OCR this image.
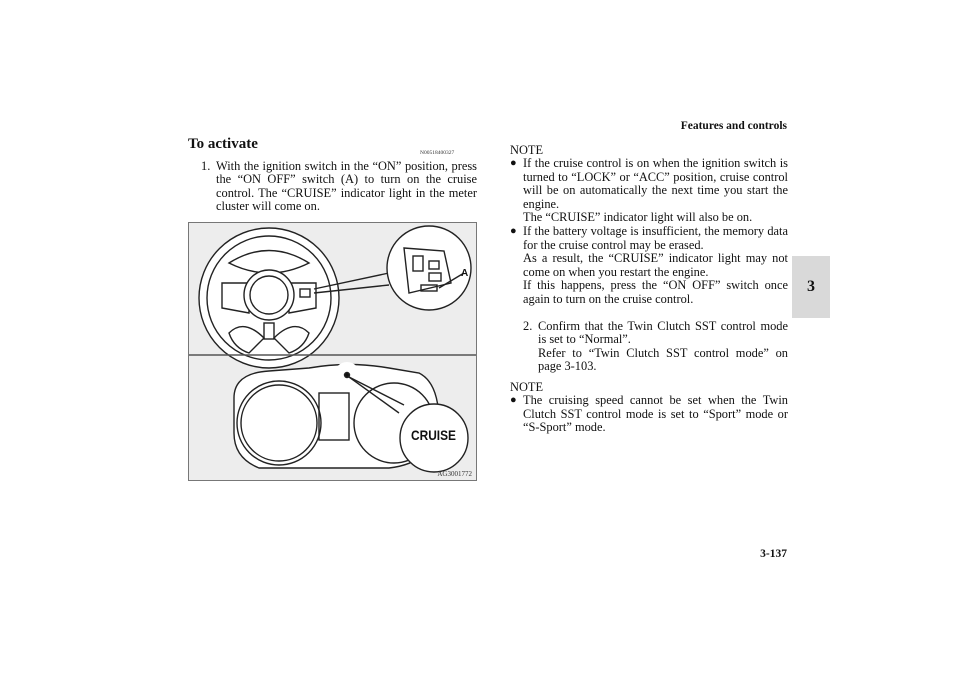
Features and controls
3
3-137
To activate
N00518400327
1. With the ignition switch in the “ON” position, press the “ON OFF” switch (A) to turn on the cruise control. The “CRUISE” indicator light in the meter cluster will come on.
A
CRUISE
AG3001772
NOTE
● If the cruise control is on when the ignition switch is turned to “LOCK” or “ACC” position, cruise control will be on automatically the next time you start the engine.

The “CRUISE” indicator light will also be on.

● If the battery voltage is insufficient, the memory data for the cruise control may be erased.

As a result, the “CRUISE” indicator light may not come on when you restart the engine.

If this happens, press the “ON OFF” switch once again to turn on the cruise control.

2. Confirm that the Twin Clutch SST control mode is set to “Normal”.
Refer to “Twin Clutch SST control mode” on page 3-103.
NOTE
● The cruising speed cannot be set when the Twin Clutch SST control mode is set to “Sport” mode or “S-Sport” mode.
